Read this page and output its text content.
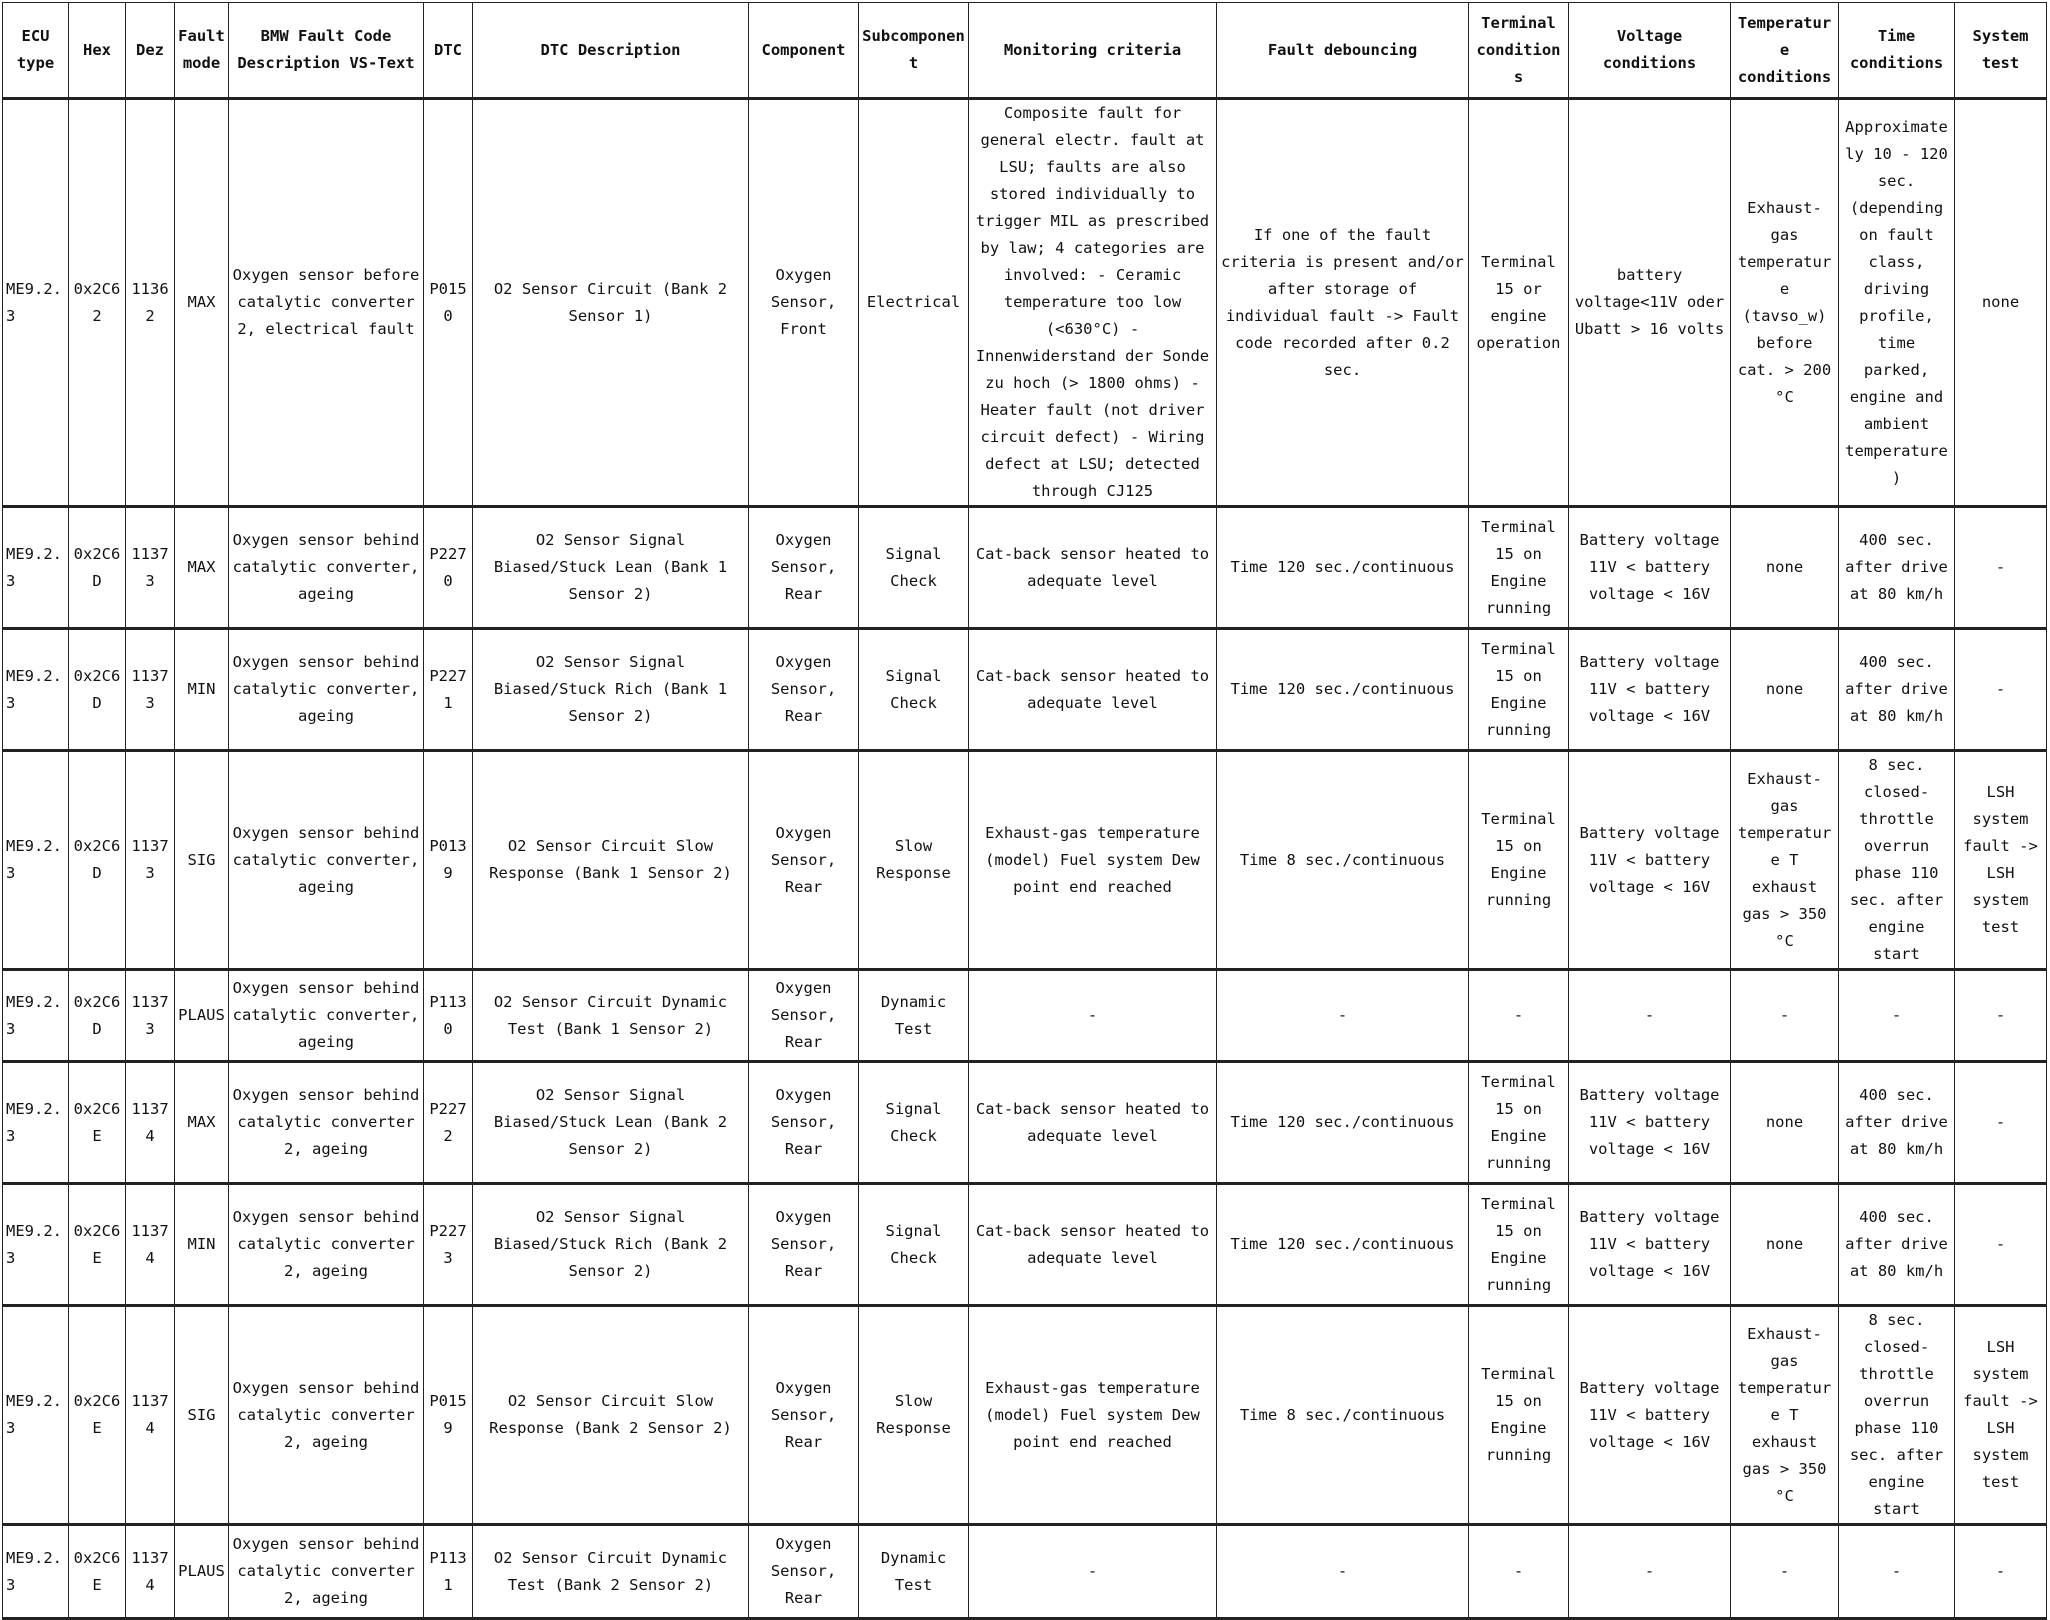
ECU type	Hex	Dez	Fault mode	BMW Fault Code Description VS-Text	DTC	DTC Description	Component	Subcomponent	Monitoring criteria	Fault debouncing	Terminal conditions	Voltage conditions	Temperature conditions	Time conditions	System test
ME9.2.3	0x2C62	11362	MAX	Oxygen sensor before catalytic converter 2, electrical fault	P0150	O2 Sensor Circuit (Bank 2 Sensor 1)	Oxygen Sensor, Front	Electrical	Composite fault for general electr. fault at LSU; faults are also stored individually to trigger MIL as prescribed by law; 4 categories are involved: - Ceramic temperature too low (<630°C) - Innenwiderstand der Sonde zu hoch (> 1800 ohms) - Heater fault (not driver circuit defect) - Wiring defect at LSU; detected through CJ125	If one of the fault criteria is present and/or after storage of individual fault -> Fault code recorded after 0.2 sec.	Terminal 15 or engine operation	battery voltage<11V oder Ubatt > 16 volts	Exhaust-gas temperature (tavso_w) before cat. > 200 °C	Approximately 10 - 120 sec. (depending on fault class, driving profile, time parked, engine and ambient temperature)	none
ME9.2.3	0x2C6D	11373	MAX	Oxygen sensor behind catalytic converter, ageing	P2270	O2 Sensor Signal Biased/Stuck Lean (Bank 1 Sensor 2)	Oxygen Sensor, Rear	Signal Check	Cat-back sensor heated to adequate level	Time 120 sec./continuous	Terminal 15 on Engine running	Battery voltage 11V < battery voltage < 16V	none	400 sec. after drive at 80 km/h	-
ME9.2.3	0x2C6D	11373	MIN	Oxygen sensor behind catalytic converter, ageing	P2271	O2 Sensor Signal Biased/Stuck Rich (Bank 1 Sensor 2)	Oxygen Sensor, Rear	Signal Check	Cat-back sensor heated to adequate level	Time 120 sec./continuous	Terminal 15 on Engine running	Battery voltage 11V < battery voltage < 16V	none	400 sec. after drive at 80 km/h	-
ME9.2.3	0x2C6D	11373	SIG	Oxygen sensor behind catalytic converter, ageing	P0139	O2 Sensor Circuit Slow Response (Bank 1 Sensor 2)	Oxygen Sensor, Rear	Slow Response	Exhaust-gas temperature (model) Fuel system Dew point end reached	Time 8 sec./continuous	Terminal 15 on Engine running	Battery voltage 11V < battery voltage < 16V	Exhaust-gas temperature T exhaust gas > 350 °C	8 sec. closed-throttle overrun phase 110 sec. after engine start	LSH system fault -> LSH system test
ME9.2.3	0x2C6D	11373	PLAUS	Oxygen sensor behind catalytic converter, ageing	P1130	O2 Sensor Circuit Dynamic Test (Bank 1 Sensor 2)	Oxygen Sensor, Rear	Dynamic Test	-	-	-	-	-	-	-
ME9.2.3	0x2C6E	11374	MAX	Oxygen sensor behind catalytic converter 2, ageing	P2272	O2 Sensor Signal Biased/Stuck Lean (Bank 2 Sensor 2)	Oxygen Sensor, Rear	Signal Check	Cat-back sensor heated to adequate level	Time 120 sec./continuous	Terminal 15 on Engine running	Battery voltage 11V < battery voltage < 16V	none	400 sec. after drive at 80 km/h	-
ME9.2.3	0x2C6E	11374	MIN	Oxygen sensor behind catalytic converter 2, ageing	P2273	O2 Sensor Signal Biased/Stuck Rich (Bank 2 Sensor 2)	Oxygen Sensor, Rear	Signal Check	Cat-back sensor heated to adequate level	Time 120 sec./continuous	Terminal 15 on Engine running	Battery voltage 11V < battery voltage < 16V	none	400 sec. after drive at 80 km/h	-
ME9.2.3	0x2C6E	11374	SIG	Oxygen sensor behind catalytic converter 2, ageing	P0159	O2 Sensor Circuit Slow Response (Bank 2 Sensor 2)	Oxygen Sensor, Rear	Slow Response	Exhaust-gas temperature (model) Fuel system Dew point end reached	Time 8 sec./continuous	Terminal 15 on Engine running	Battery voltage 11V < battery voltage < 16V	Exhaust-gas temperature T exhaust gas > 350 °C	8 sec. closed-throttle overrun phase 110 sec. after engine start	LSH system fault -> LSH system test
ME9.2.3	0x2C6E	11374	PLAUS	Oxygen sensor behind catalytic converter 2, ageing	P1131	O2 Sensor Circuit Dynamic Test (Bank 2 Sensor 2)	Oxygen Sensor, Rear	Dynamic Test	-	-	-	-	-	-	-
